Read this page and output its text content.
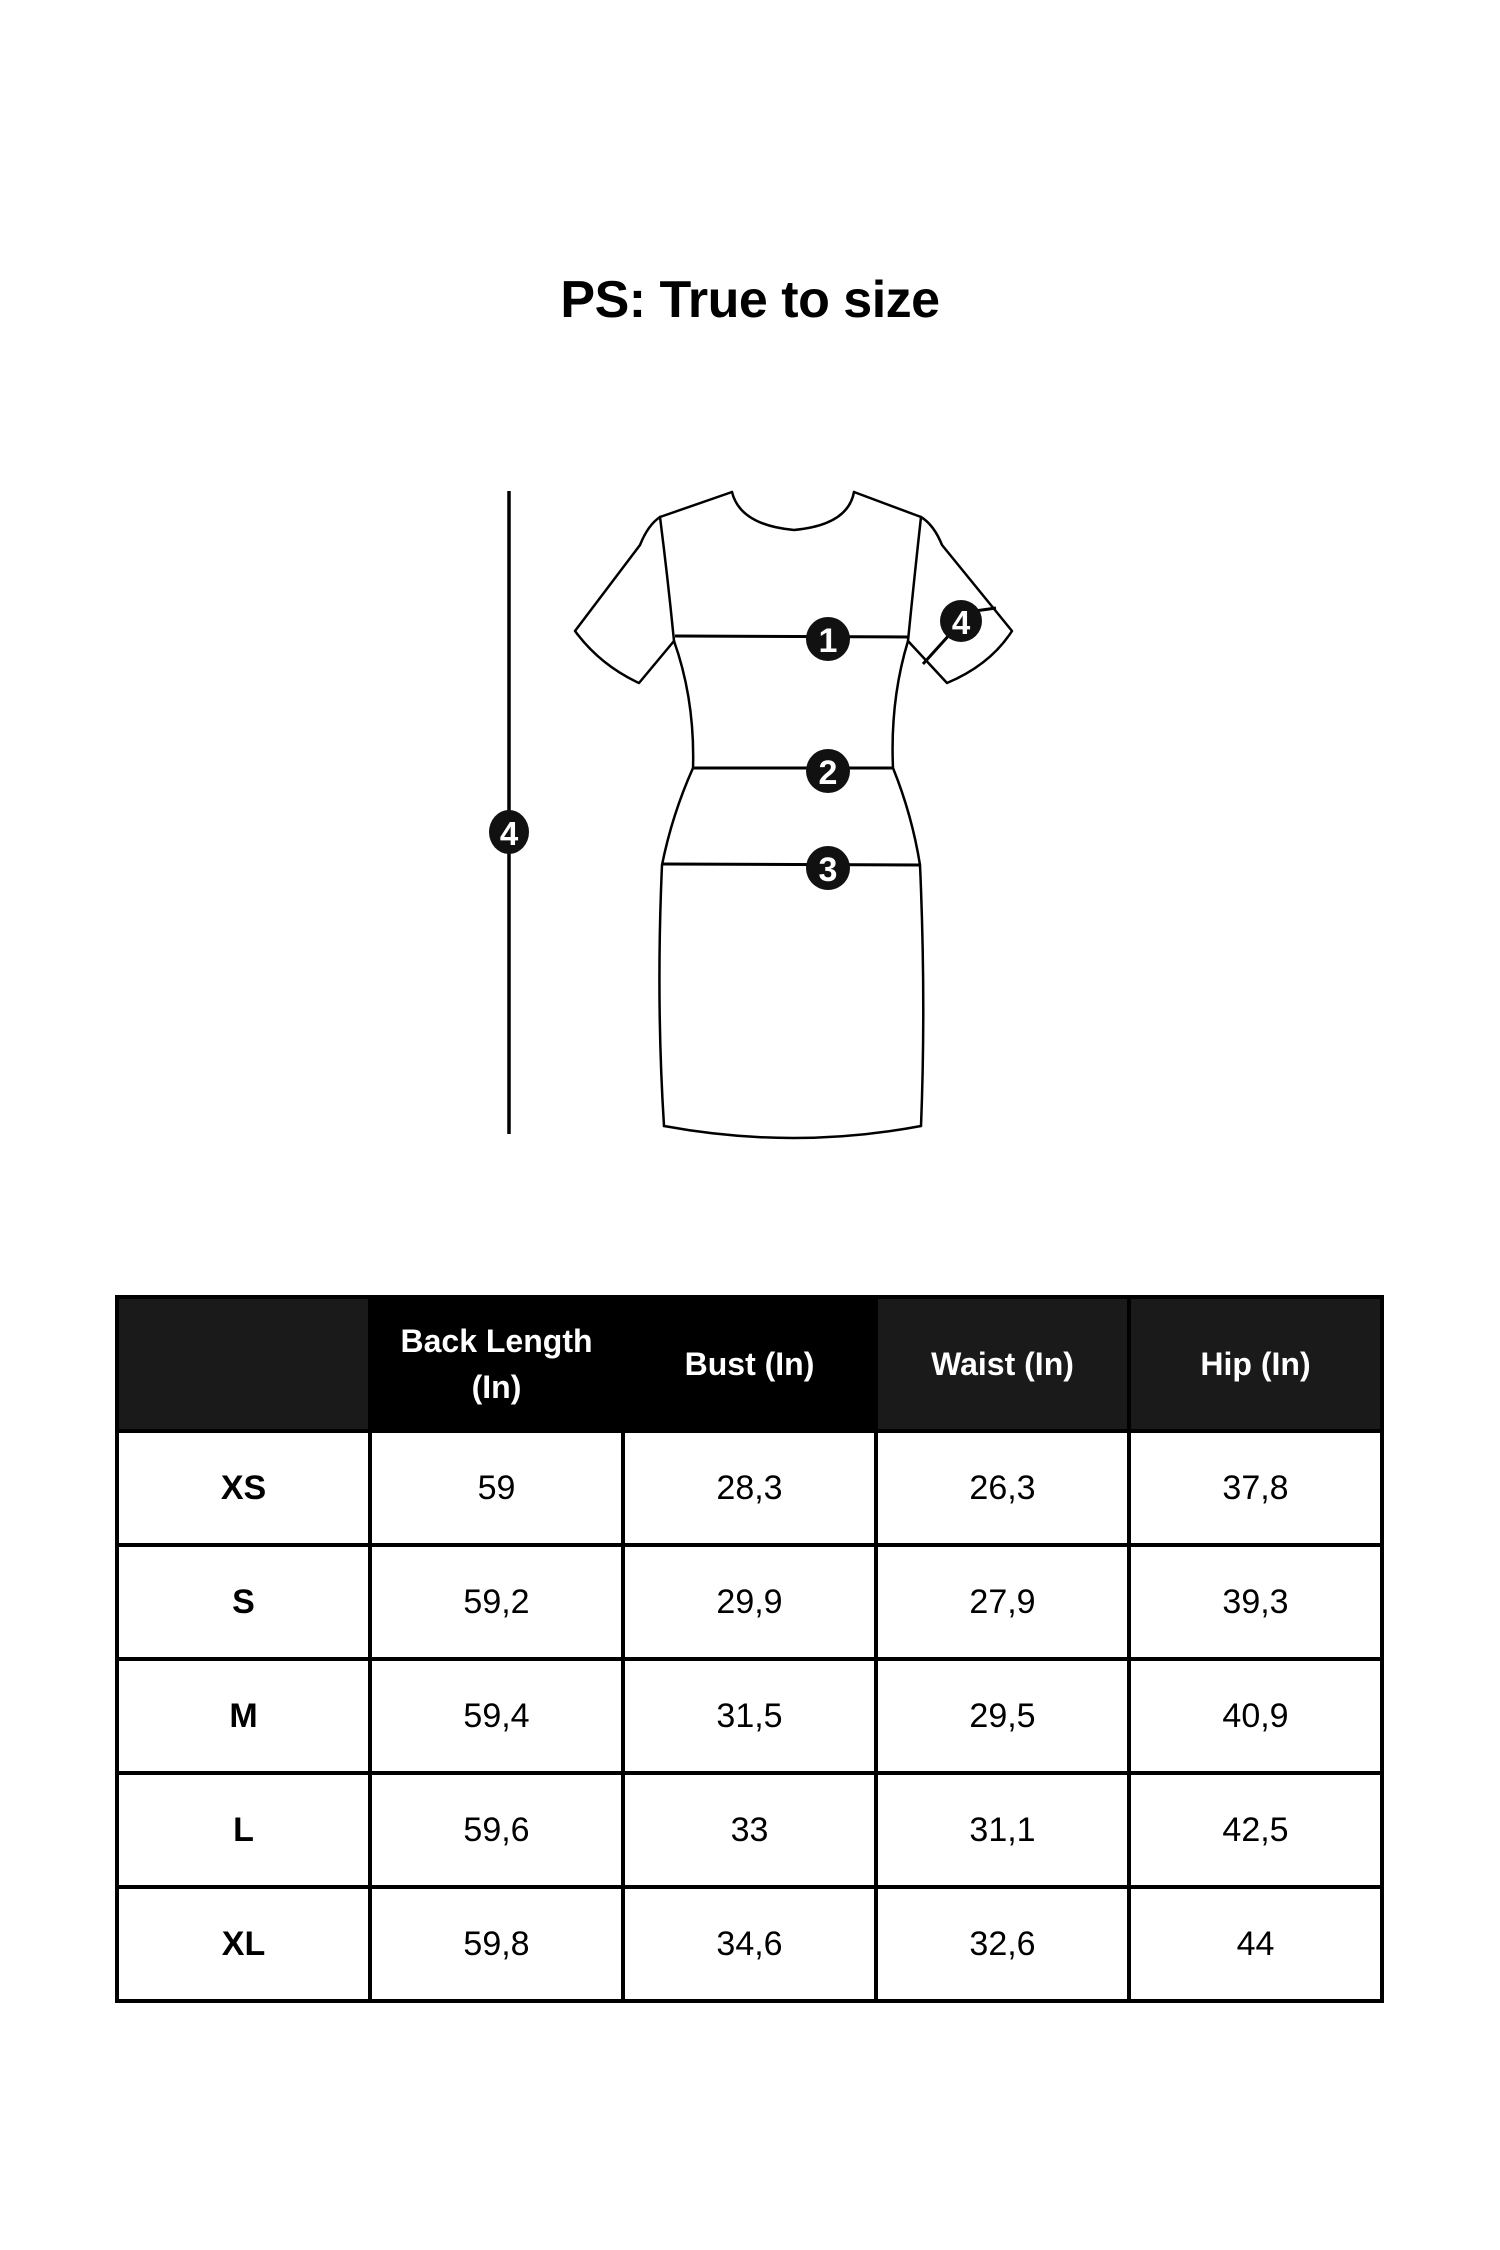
PS: True to size
1
2
3
4
4
	Back Length (In)	Bust (In)	Waist (In)	Hip (In)
XS	59	28,3	26,3	37,8
S	59,2	29,9	27,9	39,3
M	59,4	31,5	29,5	40,9
L	59,6	33	31,1	42,5
XL	59,8	34,6	32,6	44
